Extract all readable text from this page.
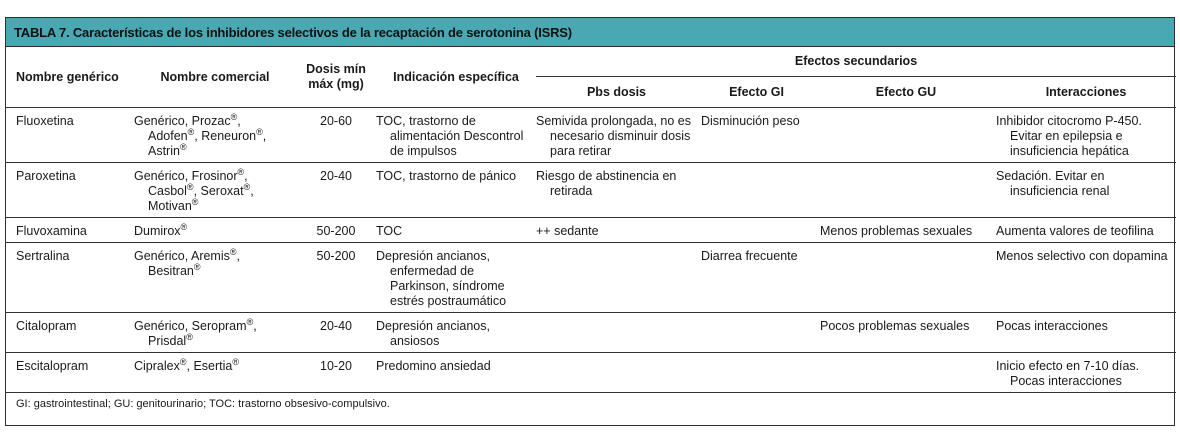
TABLA 7. Características de los inhibidores selectivos de la recaptación de serotonina (ISRS)
Nombre genérico	Nombre comercial	Dosis mín máx (mg)	Indicación específica	Efectos secundarios			
				Pbs dosis	Efecto GI	Efecto GU	Interacciones
Fluoxetina	Genérico, Prozac®, Adofen®, Reneuron®, Astrin®	20-60	TOC, trastorno de alimentación Descontrol de impulsos	Semivida prolongada, no es necesario disminuir dosis para retirar	Disminución peso		Inhibidor citocromo P-450. Evitar en epilepsia e insuficiencia hepática
Paroxetina	Genérico, Frosinor®, Casbol®, Seroxat®, Motivan®	20-40	TOC, trastorno de pánico	Riesgo de abstinencia en retirada			Sedación. Evitar en insuficiencia renal
Fluvoxamina	Dumirox®	50-200	TOC	++ sedante		Menos problemas sexuales	Aumenta valores de teofilina
Sertralina	Genérico, Aremis®, Besitran®	50-200	Depresión ancianos, enfermedad de Parkinson, síndrome estrés postraumático		Diarrea frecuente		Menos selectivo con dopamina
Citalopram	Genérico, Seropram®, Prisdal®	20-40	Depresión ancianos, ansiosos			Pocos problemas sexuales	Pocas interacciones
Escitalopram	Cipralex®, Esertia®	10-20	Predomino ansiedad				Inicio efecto en 7-10 días. Pocas interacciones
GI: gastrointestinal; GU: genitourinario; TOC: trastorno obsesivo-compulsivo.
